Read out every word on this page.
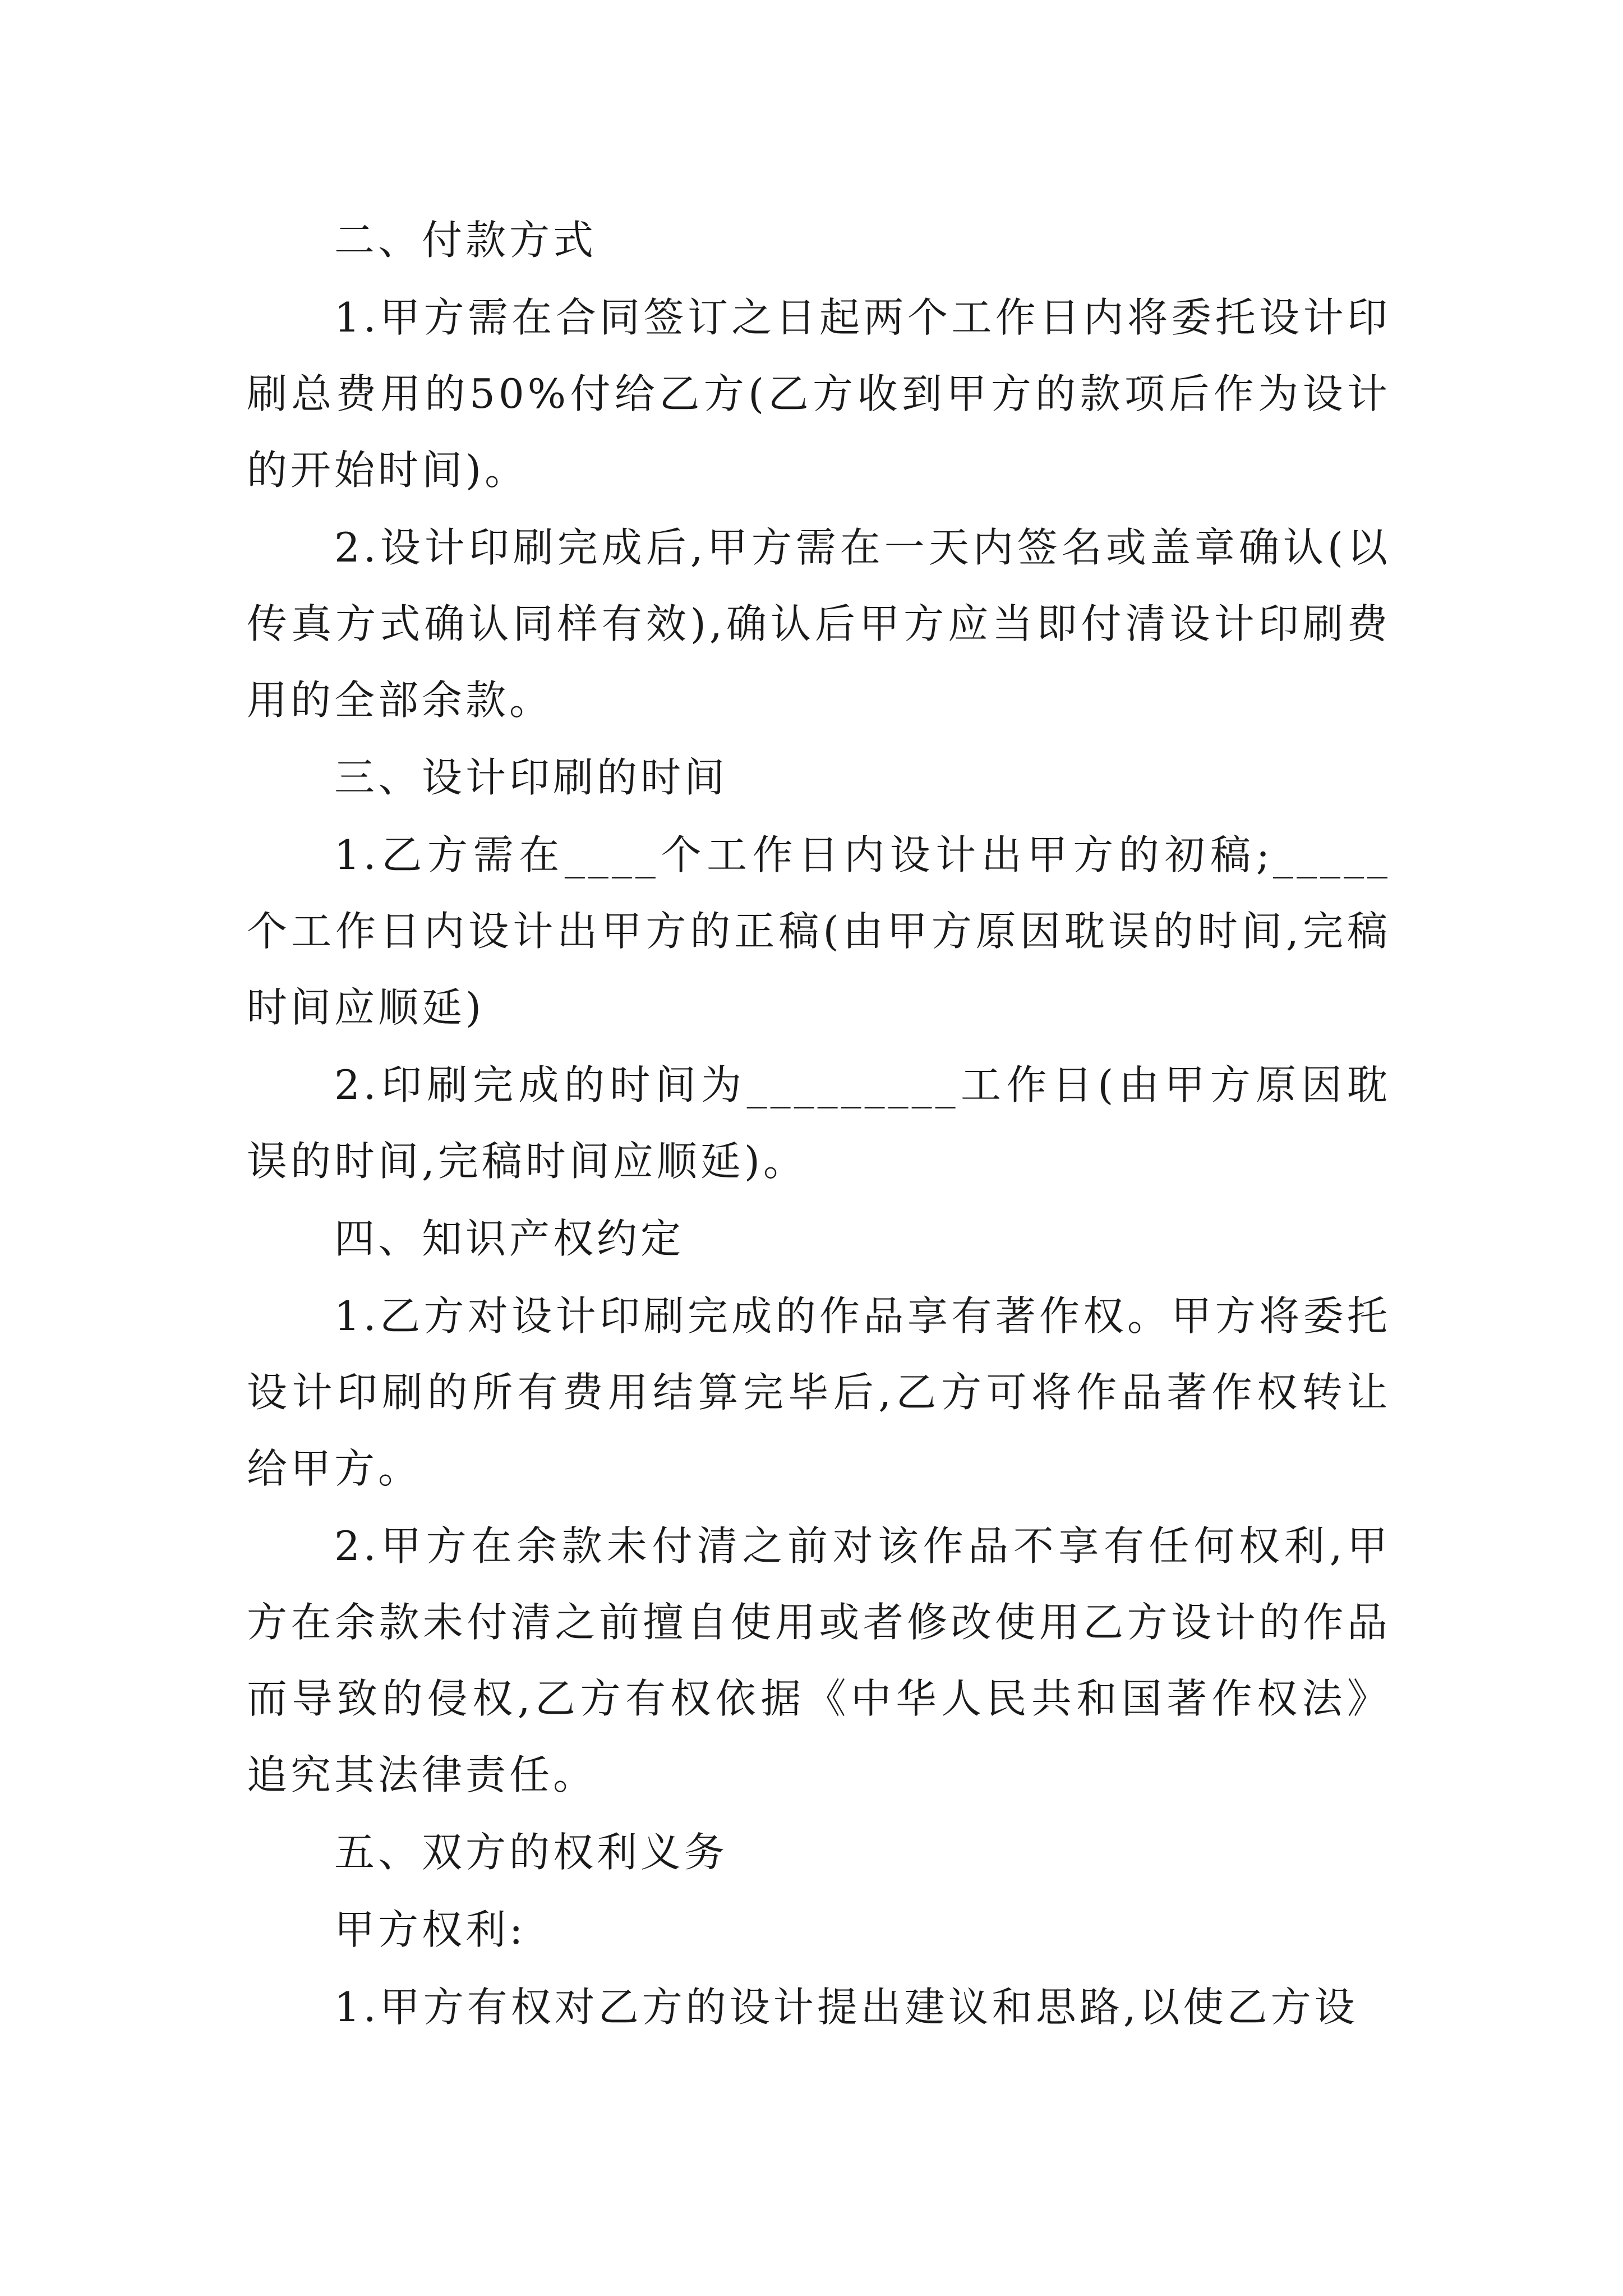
二、付款方式

1.甲方需在合同签订之日起两个工作日内将委托设计印刷总费用的50%付给乙方(乙方收到甲方的款项后作为设计的开始时间)。

2.设计印刷完成后,甲方需在一天内签名或盖章确认(以传真方式确认同样有效),确认后甲方应当即付清设计印刷费用的全部余款。

三、设计印刷的时间

1.乙方需在____个工作日内设计出甲方的初稿;_____个工作日内设计出甲方的正稿(由甲方原因耽误的时间,完稿时间应顺延)

2.印刷完成的时间为_________工作日(由甲方原因耽误的时间,完稿时间应顺延)。

四、知识产权约定

1.乙方对设计印刷完成的作品享有著作权。甲方将委托设计印刷的所有费用结算完毕后,乙方可将作品著作权转让给甲方。

2.甲方在余款未付清之前对该作品不享有任何权利,甲方在余款未付清之前擅自使用或者修改使用乙方设计的作品而导致的侵权,乙方有权依据《中华人民共和国著作权法》追究其法律责任。

五、双方的权利义务

甲方权利:

1.甲方有权对乙方的设计提出建议和思路,以使乙方设
